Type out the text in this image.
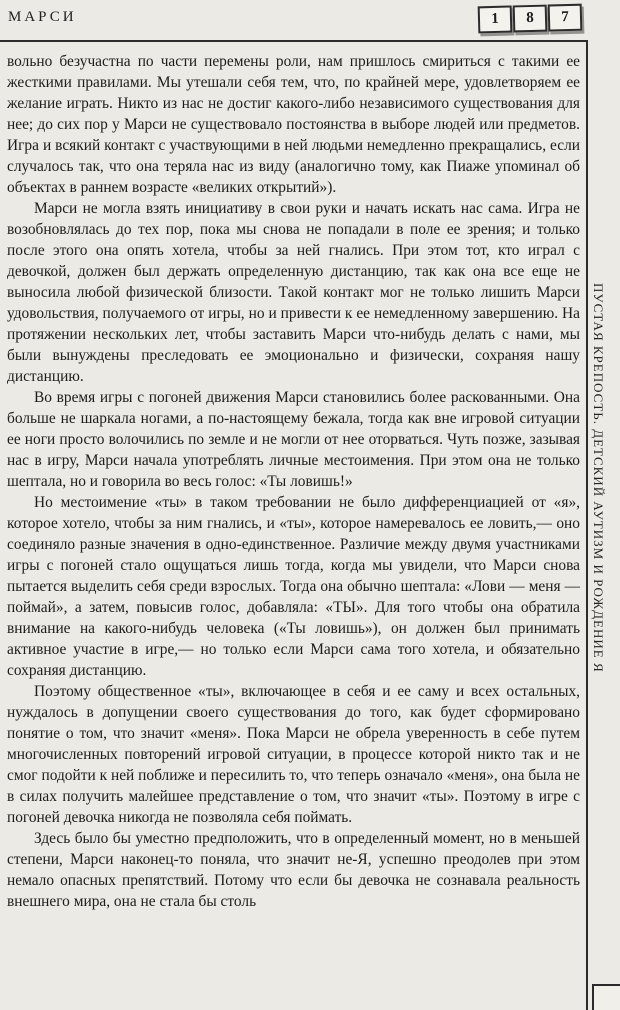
МАРСИ	1	8	7

вольно безучастна по части перемены роли, нам пришлось смириться с такими ее жесткими правилами. Мы утешали себя тем, что, по крайней мере, удовлетворяем ее желание играть. Никто из нас не достиг какого-либо независимого существования для нее; до сих пор у Марси не существовало постоянства в выборе людей или предметов. Игра и всякий контакт с участвующими в ней людьми немедленно прекращались, если случалось так, что она теряла нас из виду (аналогично тому, как Пиаже упоминал об объектах в раннем возрасте «великих открытий»).

Марси не могла взять инициативу в свои руки и начать искать нас сама. Игра не возобновлялась до тех пор, пока мы снова не попадали в поле ее зрения; и только после этого она опять хотела, чтобы за ней гнались. При этом тот, кто играл с девочкой, должен был держать определенную дистанцию, так как она все еще не выносила любой физической близости. Такой контакт мог не только лишить Марси удовольствия, получаемого от игры, но и привести к ее немедленному завершению. На протяжении нескольких лет, чтобы заставить Марси что-нибудь делать с нами, мы были вынуждены преследовать ее эмоционально и физически, сохраняя нашу дистанцию.

Во время игры с погоней движения Марси становились более раскованными. Она больше не шаркала ногами, а по-настоящему бежала, тогда как вне игровой ситуации ее ноги просто волочились по земле и не могли от нее оторваться. Чуть позже, зазывая нас в игру, Марси начала употреблять личные местоимения. При этом она не только шептала, но и говорила во весь голос: «Ты ловишь!»

Но местоимение «ты» в таком требовании не было дифференциацией от «я», которое хотело, чтобы за ним гнались, и «ты», которое намеревалось ее ловить,— оно соединяло разные значения в одно-единственное. Различие между двумя участниками игры с погоней стало ощущаться лишь тогда, когда мы увидели, что Марси снова пытается выделить себя среди взрослых. Тогда она обычно шептала: «Лови — меня — поймай», а затем, повысив голос, добавляла: «ТЫ». Для того чтобы она обратила внимание на какого-нибудь человека («Ты ловишь»), он должен был принимать активное участие в игре,— но только если Марси сама того хотела, и обязательно сохраняя дистанцию.

Поэтому общественное «ты», включающее в себя и ее саму и всех остальных, нуждалось в допущении своего существования до того, как будет сформировано понятие о том, что значит «меня». Пока Марси не обрела уверенность в себе путем многочисленных повторений игровой ситуации, в процессе которой никто так и не смог подойти к ней поближе и пересилить то, что теперь означало «меня», она была не в силах получить малейшее представление о том, что значит «ты». Поэтому в игре с погоней девочка никогда не позволяла себя поймать.

Здесь было бы уместно предположить, что в определенный момент, но в меньшей степени, Марси наконец-то поняла, что значит не-Я, успешно преодолев при этом немало опасных препятствий. Потому что если бы девочка не сознавала реальность внешнего мира, она не стала бы столь

ПУСТАЯ КРЕПОСТЬ. ДЕТСКИЙ АУТИЗМ И РОЖДЕНИЕ Я
